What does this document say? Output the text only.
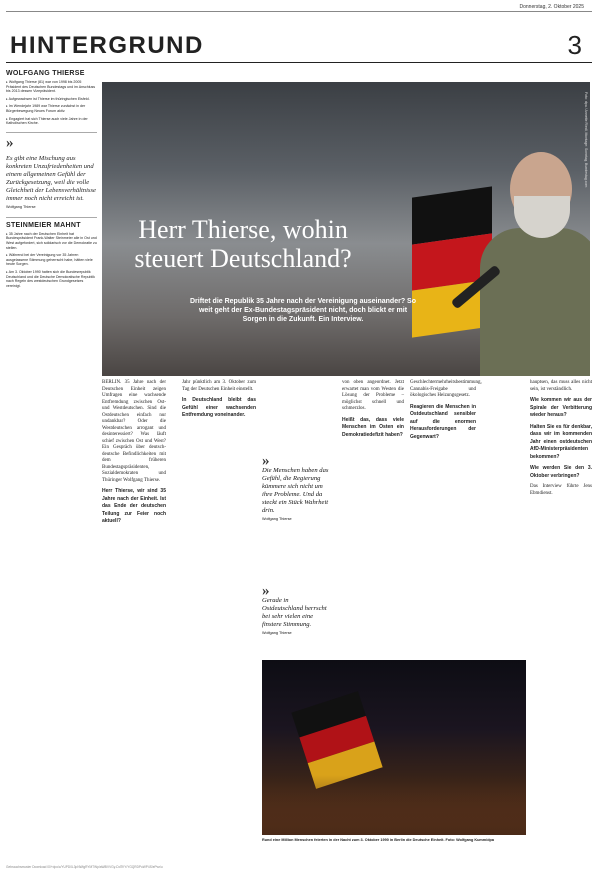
Donnerstag, 2. Oktober 2025
HINTERGRUND	3
WOLFGANG THIERSE
▸ Wolfgang Thierse (81) war von 1998 bis 2005 Präsident des Deutschen Bundestags und im Anschluss bis 2013 dessen Vizepräsident.
▸ Aufgewachsen ist Thierse im thüringischen Eisfeld.
▸ Im Wendejahr 1989 war Thierse zunächst in der Bürgerbewegung Neues Forum aktiv.
▸ Engagiert hat sich Thierse auch viele Jahre in der Katholischen Kirche.
»
Es gibt eine Mischung aus konkreten Unzufriedenheiten und einem allgemeinen Gefühl der Zurückgesetzung, weil die volle Gleichheit der Lebensverhältnisse immer noch nicht erreicht ist.
Wolfgang Thierse
STEINMEIER MAHNT
▸ 35 Jahre nach der Deutschen Einheit hat Bundespräsident Frank-Walter Steinmeier alle in Ost und West aufgefordert, sich solidarisch vor die Demokratie zu stellen.
▸ Während bei der Vereinigung vor 35 Jahren ausgelassene Stimmung geherrscht habe, hätten viele heute Sorgen.
▸ Am 3. Oktober 1990 hatten sich die Bundesrepublik Deutschland und die Deutsche Demokratische Republik nach Regeln des westdeutschen Grundgesetzes vereinigt.
Foto: dpa / Annette Riedl, Montage: Sonntag, Bundestag.com
Herr Thierse, wohin steuert Deutschland?
Driftet die Republik 35 Jahre nach der Vereinigung auseinander? So weit geht der Ex-Bundestagspräsident nicht, doch blickt er mit Sorgen in die Zukunft. Ein Interview.

BERLIN. 35 Jahre nach der Deutschen Einheit zeigen Umfragen eine wachsende Entfremdung zwischen Ost- und Westdeutschen. Sind die Ostdeutschen einfach nur undankbar? Oder die Westdeutschen arrogant und desinteressiert? Was läuft schief zwischen Ost und West? Ein Gespräch über deutsch-deutsche Befindlichkeiten mit dem früheren Bundestagspräsidenten, Sozialdemokraten und Thüringer Wolfgang Thierse.

Herr Thierse, wir sind 35 Jahre nach der Einheit. Ist das Ende der deutschen Teilung zur Feier noch aktuell?

Jahr pünktlich am 3. Oktober zum Tag der Deutschen Einheit einstellt.

In Deutschland bleibt das Gefühl einer wachsenden Entfremdung voneinander.

»
Die Menschen haben das Gefühl, die Regierung kümmere sich nicht um ihre Probleme. Und da steckt ein Stück Wahrheit drin.
Wolfgang Thierse
»
Gerade in Ostdeutschland herrscht bei sehr vielen eine finstere Stimmung.
Wolfgang Thierse

von oben angeordnet. Jetzt erwartet man vom Westen die Lösung der Probleme – möglichst schnell und schmerzlos.

Heißt das, dass viele Menschen im Osten ein Demokratiedefizit haben?

Geschlechtermehrheitsbestimmung, Cannabis-Freigabe und ökologisches Heizungsgesetz.

Reagieren die Menschen in Ostdeutschland sensibler auf die enormen Herausforderungen der Gegenwart?

hauptsen, das muss alles nicht sein, ist verständlich.

Wie kommen wir aus der Spirale der Verbitterung wieder heraus?

Halten Sie es für denkbar, dass wir im kommenden Jahr einen ostdeutschen AfD-Ministerpräsidenten bekommen?

Wie werden Sie den 3. Oktober verbringen?

Das Interview führte Jens Ebmdienst.

Rund eine Million Menschen feierten in der Nacht zum 3. Oktober 1990 in Berlin die Deutsche Einheit. Foto: Wolfgang Kumm/dpa
Gebrauchsmuster Download 00+dpo/c/YUPD0L3pNWlgRYMTWp/aW8lVVGy-DdTf/Y/YGQRDPoWP4S/ePwr/u
